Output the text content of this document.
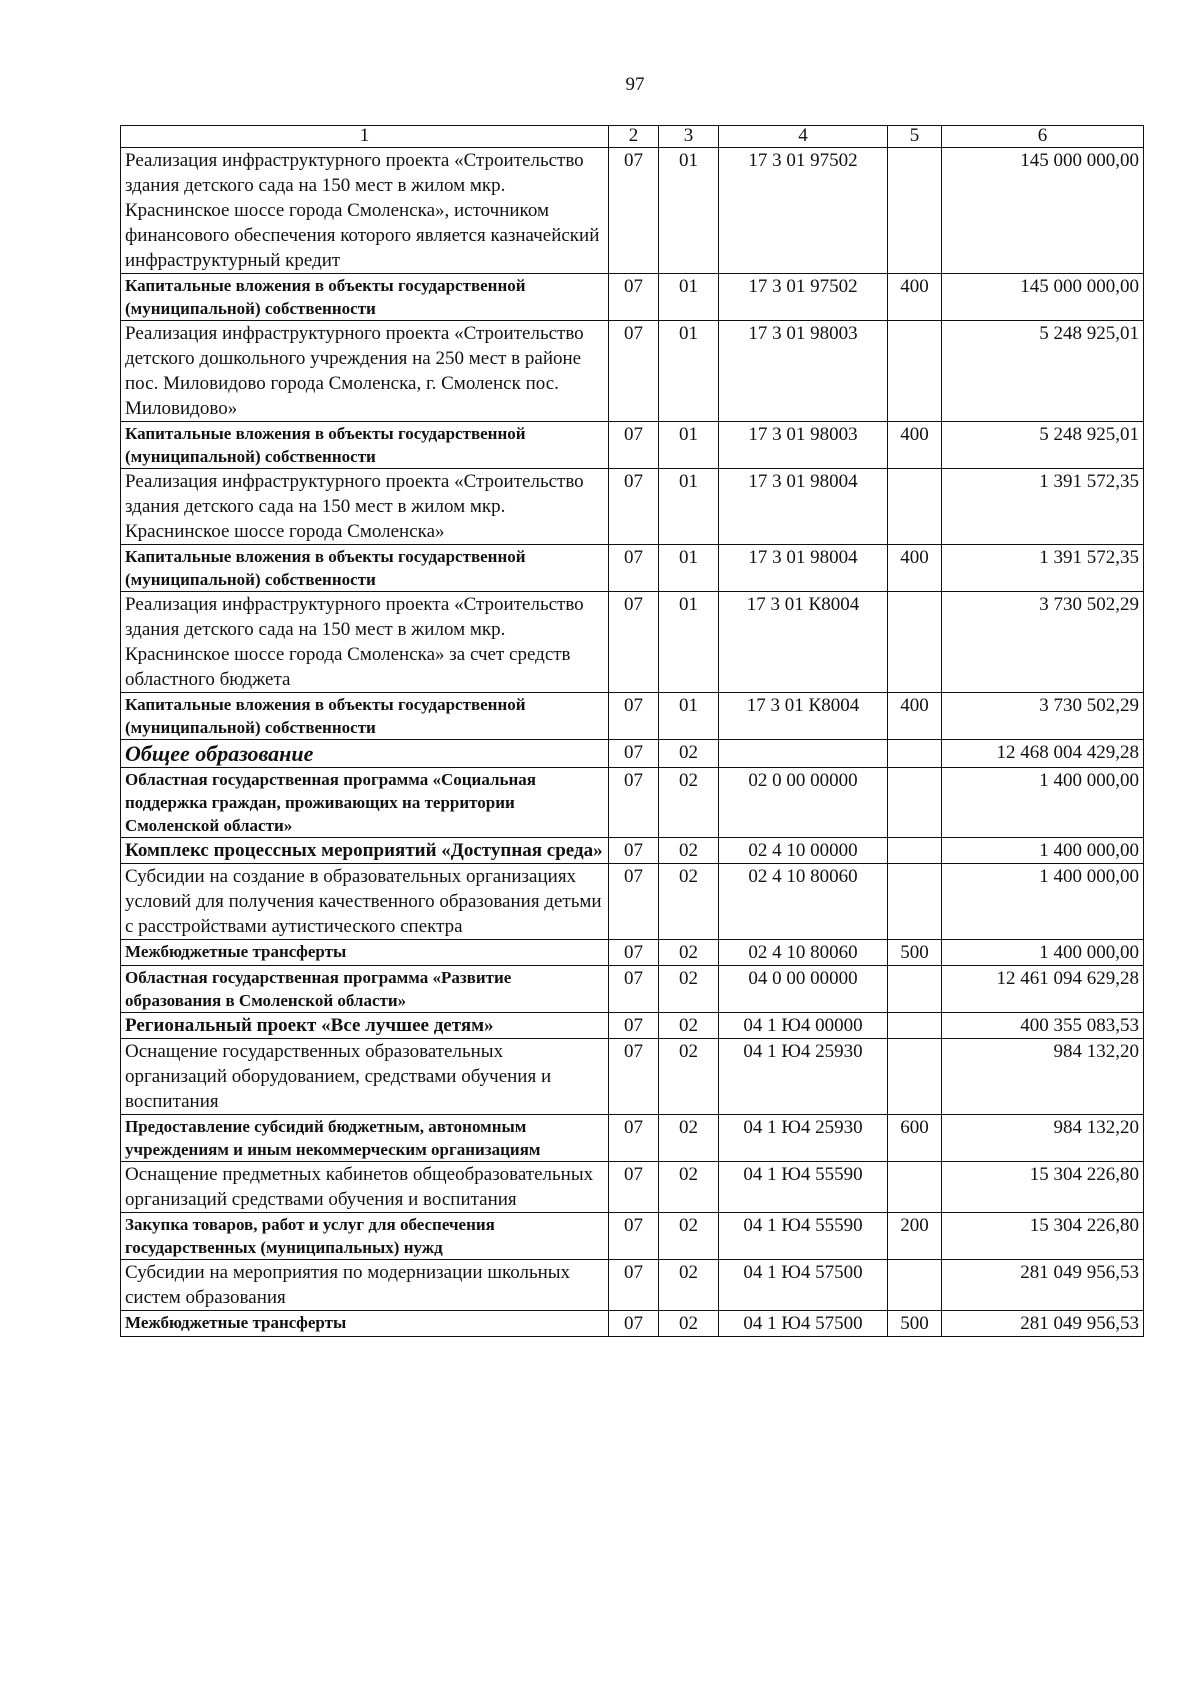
97
1	2	3	4	5	6
Реализация инфраструктурного проекта «Строительство здания детского сада на 150 мест в жилом мкр. Краснинское шоссе города Смоленска», источником финансового обеспечения которого является казначейский инфраструктурный кредит	07	01	17 3 01 97502		145 000 000,00
Капитальные вложения в объекты государственной (муниципальной) собственности	07	01	17 3 01 97502	400	145 000 000,00
Реализация инфраструктурного проекта «Строительство детского дошкольного учреждения на 250 мест в районе пос. Миловидово города Смоленска, г. Смоленск пос. Миловидово»	07	01	17 3 01 98003		5 248 925,01
Капитальные вложения в объекты государственной (муниципальной) собственности	07	01	17 3 01 98003	400	5 248 925,01
Реализация инфраструктурного проекта «Строительство здания детского сада на 150 мест в жилом мкр. Краснинское шоссе города Смоленска»	07	01	17 3 01 98004		1 391 572,35
Капитальные вложения в объекты государственной (муниципальной) собственности	07	01	17 3 01 98004	400	1 391 572,35
Реализация инфраструктурного проекта «Строительство здания детского сада на 150 мест в жилом мкр. Краснинское шоссе города Смоленска» за счет средств областного бюджета	07	01	17 3 01 К8004		3 730 502,29
Капитальные вложения в объекты государственной (муниципальной) собственности	07	01	17 3 01 К8004	400	3 730 502,29
Общее образование	07	02			12 468 004 429,28
Областная государственная программа «Социальная поддержка граждан, проживающих на территории Смоленской области»	07	02	02 0 00 00000		1 400 000,00
Комплекс процессных мероприятий «Доступная среда»	07	02	02 4 10 00000		1 400 000,00
Субсидии на создание в образовательных организациях условий для получения качественного образования детьми с расстройствами аутистического спектра	07	02	02 4 10 80060		1 400 000,00
Межбюджетные трансферты	07	02	02 4 10 80060	500	1 400 000,00
Областная государственная программа «Развитие образования в Смоленской области»	07	02	04 0 00 00000		12 461 094 629,28
Региональный проект «Все лучшее детям»	07	02	04 1 Ю4 00000		400 355 083,53
Оснащение государственных образовательных организаций оборудованием, средствами обучения и воспитания	07	02	04 1 Ю4 25930		984 132,20
Предоставление субсидий бюджетным, автономным учреждениям и иным некоммерческим организациям	07	02	04 1 Ю4 25930	600	984 132,20
Оснащение предметных кабинетов общеобразовательных организаций средствами обучения и воспитания	07	02	04 1 Ю4 55590		15 304 226,80
Закупка товаров, работ и услуг для обеспечения государственных (муниципальных) нужд	07	02	04 1 Ю4 55590	200	15 304 226,80
Субсидии на мероприятия по модернизации школьных систем образования	07	02	04 1 Ю4 57500		281 049 956,53
Межбюджетные трансферты	07	02	04 1 Ю4 57500	500	281 049 956,53
